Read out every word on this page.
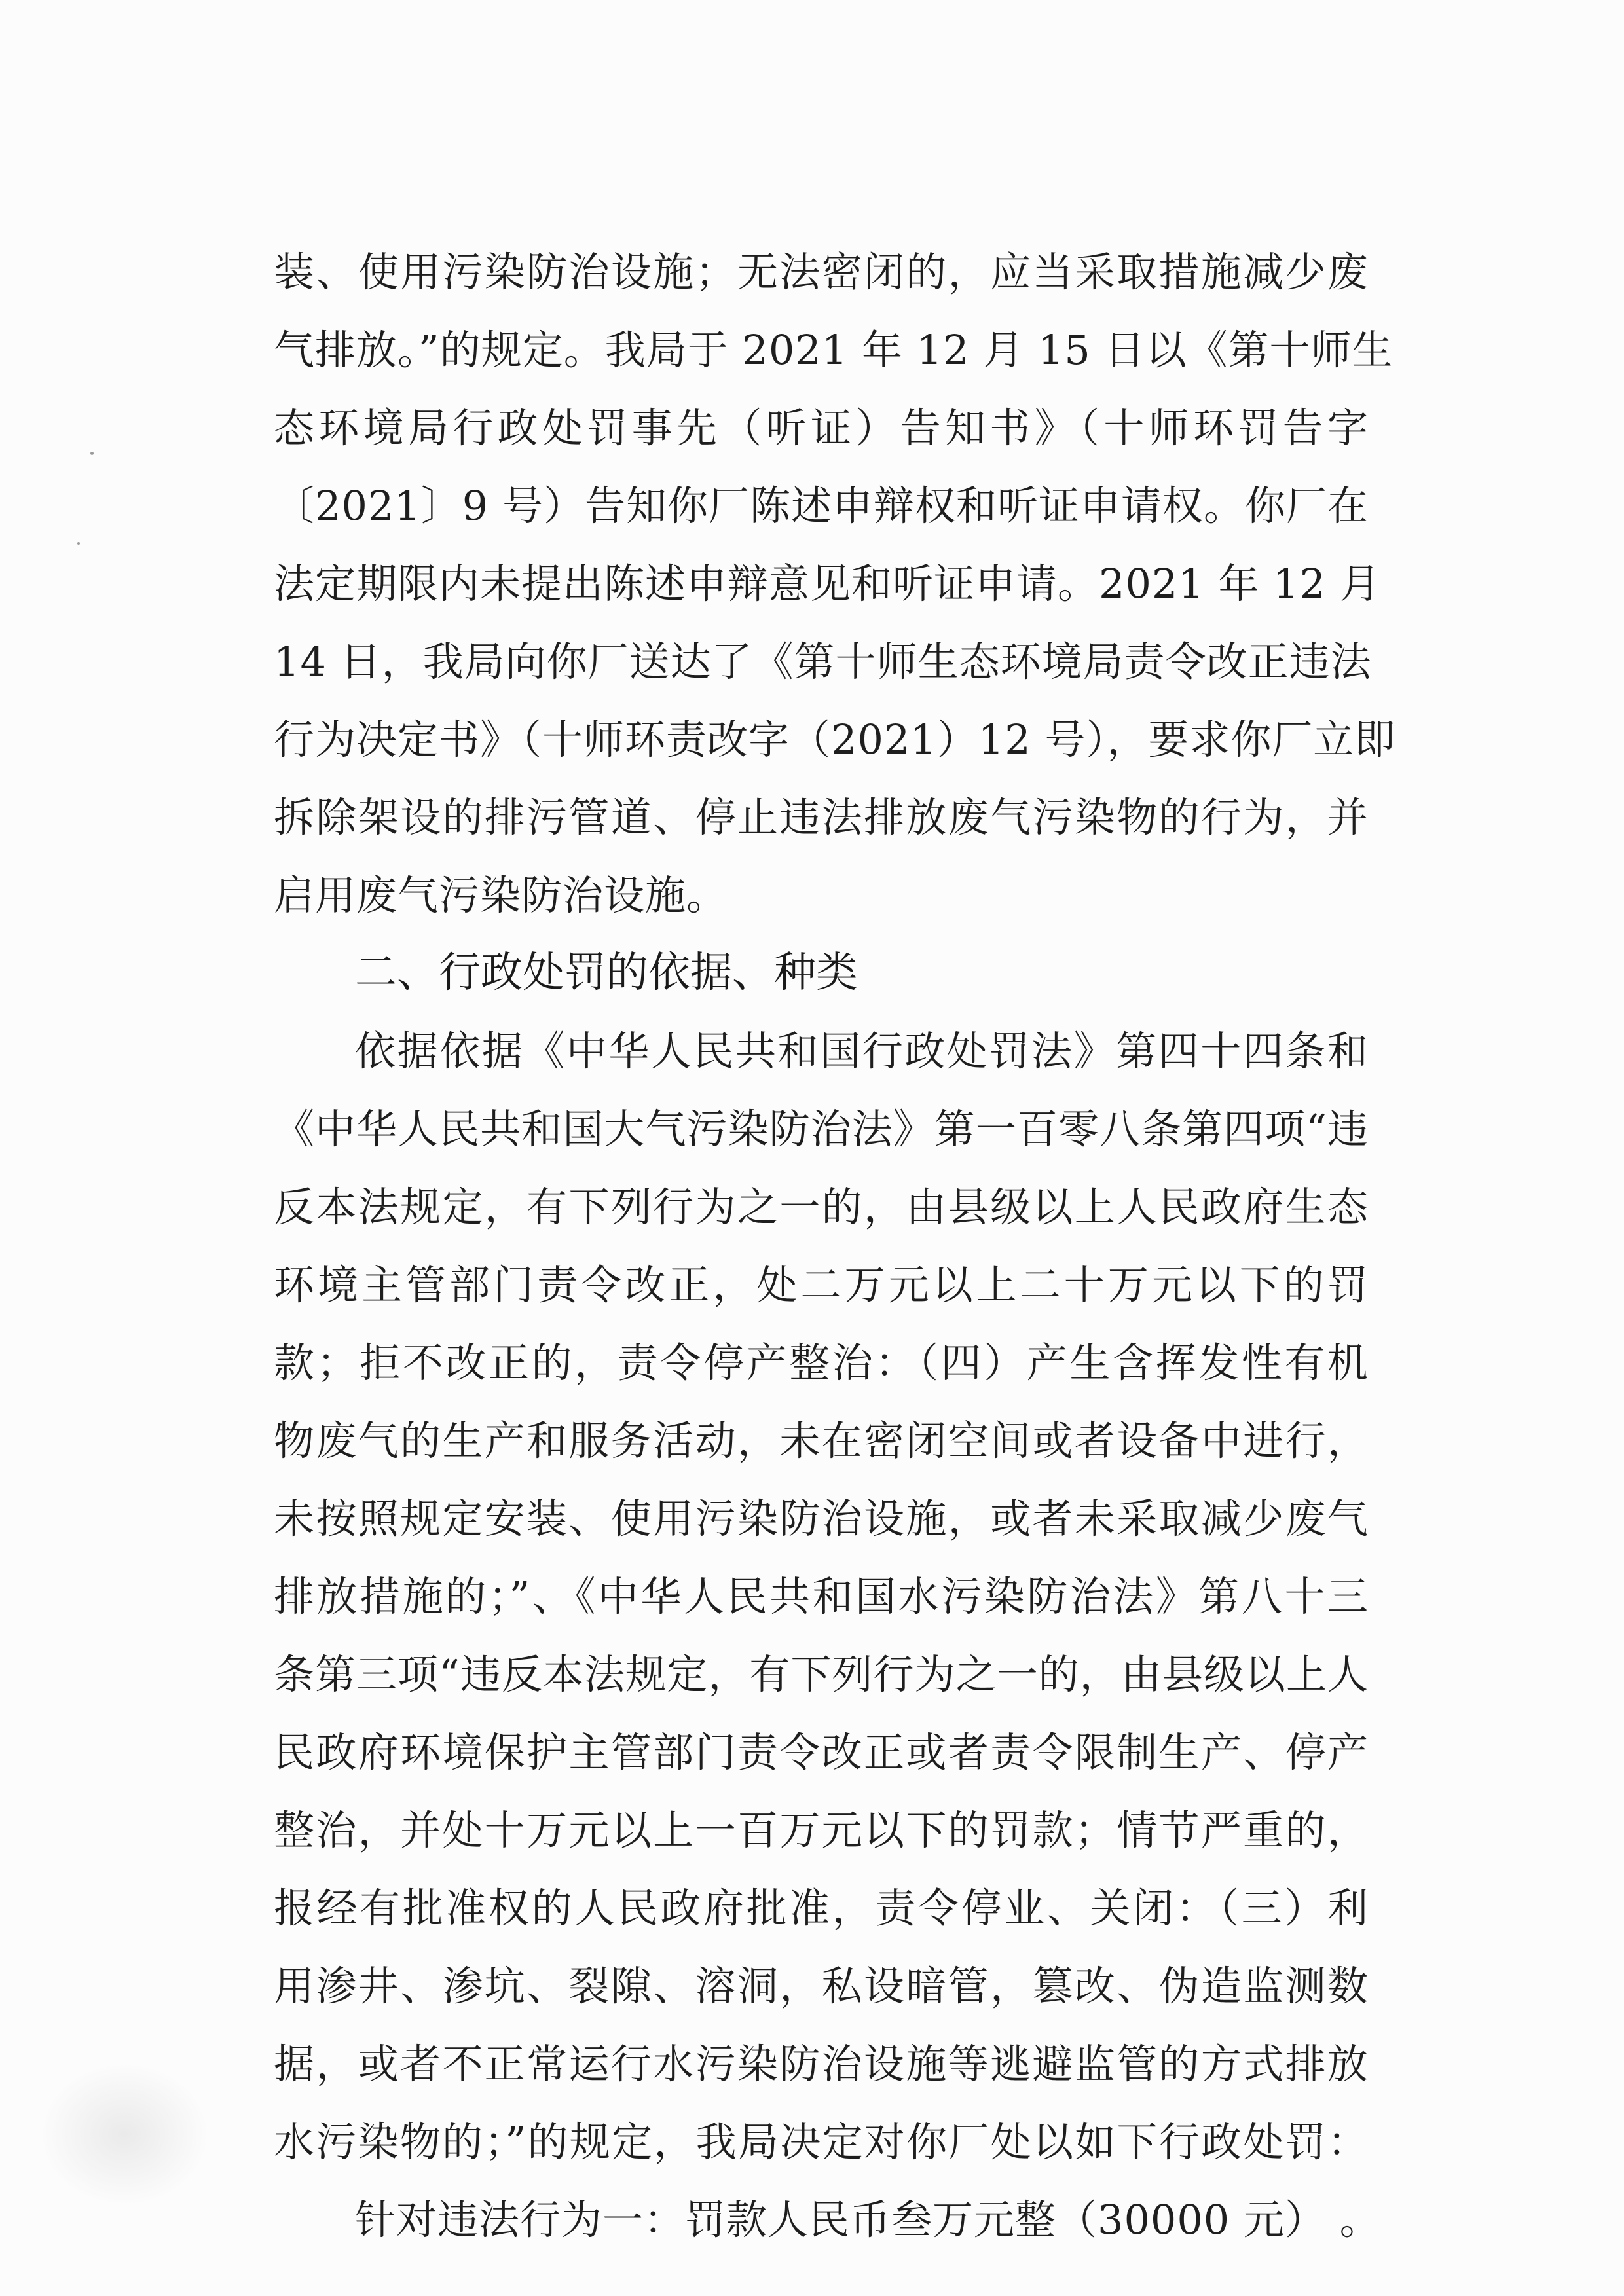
装、使用污染防治设施；无法密闭的，应当采取措施减少废
气排放。”的规定。我局于 2021 年 12 月 15 日以《第十师生
态环境局行政处罚事先（听证）告知书》（十师环罚告字
〔2021〕9 号）告知你厂陈述申辩权和听证申请权。你厂在
法定期限内未提出陈述申辩意见和听证申请。2021 年 12 月
14 日，我局向你厂送达了《第十师生态环境局责令改正违法
行为决定书》（十师环责改字（2021）12 号），要求你厂立即
拆除架设的排污管道、停止违法排放废气污染物的行为，并
启用废气污染防治设施。
二、行政处罚的依据、种类
依据依据《中华人民共和国行政处罚法》第四十四条和
《中华人民共和国大气污染防治法》第一百零八条第四项“违
反本法规定，有下列行为之一的，由县级以上人民政府生态
环境主管部门责令改正，处二万元以上二十万元以下的罚
款；拒不改正的，责令停产整治：（四）产生含挥发性有机
物废气的生产和服务活动，未在密闭空间或者设备中进行，
未按照规定安装、使用污染防治设施，或者未采取减少废气
排放措施的；”、《中华人民共和国水污染防治法》第八十三
条第三项“违反本法规定，有下列行为之一的，由县级以上人
民政府环境保护主管部门责令改正或者责令限制生产、停产
整治，并处十万元以上一百万元以下的罚款；情节严重的，
报经有批准权的人民政府批准，责令停业、关闭：（三）利
用渗井、渗坑、裂隙、溶洞，私设暗管，篡改、伪造监测数
据，或者不正常运行水污染防治设施等逃避监管的方式排放
水污染物的；”的规定，我局决定对你厂处以如下行政处罚：
针对违法行为一：罚款人民币叁万元整（30000 元） 。
